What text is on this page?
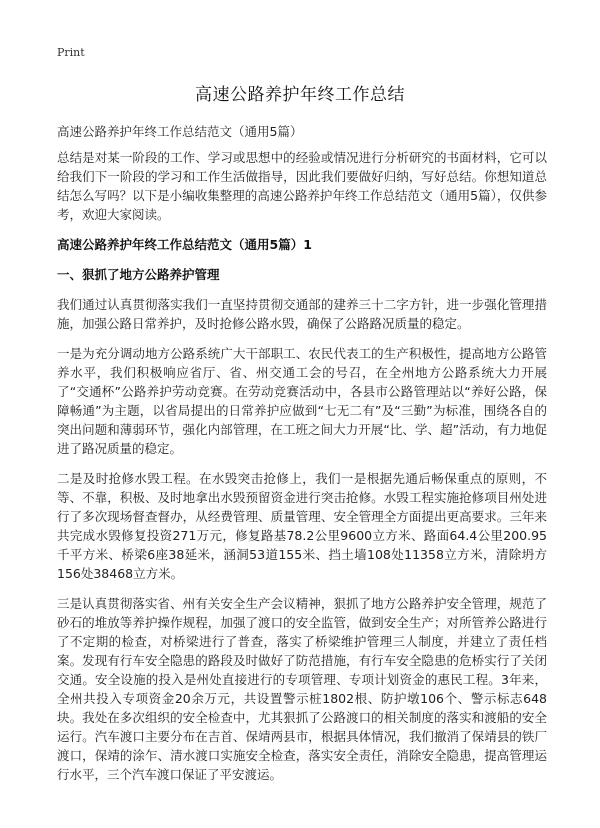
Print
高速公路养护年终工作总结
高速公路养护年终工作总结范文（通用5篇）

总结是对某一阶段的工作、学习或思想中的经验或情况进行分析研究的书面材料，它可以给我们下一阶段的学习和工作生活做指导，因此我们要做好归纳，写好总结。你想知道总结怎么写吗？以下是小编收集整理的高速公路养护年终工作总结范文（通用5篇），仅供参考，欢迎大家阅读。

高速公路养护年终工作总结范文（通用5篇）1
一、狠抓了地方公路养护管理

我们通过认真贯彻落实我们一直坚持贯彻交通部的建养三十二字方针，进一步强化管理措施，加强公路日常养护，及时抢修公路水毁，确保了公路路况质量的稳定。

一是为充分调动地方公路系统广大干部职工、农民代表工的生产积极性，提高地方公路管养水平，我们积极响应省厅、省、州交通工会的号召，在全州地方公路系统大力开展了“交通杯”公路养护劳动竞赛。在劳动竞赛活动中，各县市公路管理站以“养好公路，保障畅通”为主题，以省局提出的日常养护应做到“七无二有”及“三勤”为标准，围绕各自的突出问题和薄弱环节，强化内部管理，在工班之间大力开展“比、学、超”活动，有力地促进了路况质量的稳定。

二是及时抢修水毁工程。在水毁突击抢修上，我们一是根据先通后畅保重点的原则，不等、不靠，积极、及时地拿出水毁预留资金进行突击抢修。水毁工程实施抢修项目州处进行了多次现场督查督办，从经费管理、质量管理、安全管理全方面提出更高要求。三年来共完成水毁修复投资271万元，修复路基78.2公里9600立方米、路面64.4公里200.95千平方米、桥梁6座38延米，涵洞53道155米、挡土墙108处11358立方米，清除坍方156处38468立方米。

三是认真贯彻落实省、州有关安全生产会议精神，狠抓了地方公路养护安全管理，规范了砂石的堆放等养护操作规程，加强了渡口的安全监管，做到安全生产；对所管养公路进行了不定期的检查，对桥梁进行了普查，落实了桥梁维护管理三人制度，并建立了责任档案。发现有行车安全隐患的路段及时做好了防范措施，有行车安全隐患的危桥实行了关闭交通。安全设施的投入是州处直接进行的专项管理、专项计划资金的惠民工程。3年来，全州共投入专项资金20余万元，共设置警示桩1802根、防护墩106个、警示标志648块。我处在多次组织的安全检查中，尤其狠抓了公路渡口的相关制度的落实和渡船的安全运行。汽车渡口主要分布在吉首、保靖两县市，根据具体情况，我们撤消了保靖县的铁厂渡口，保靖的涂乍、清水渡口实施安全检查，落实安全责任，消除安全隐患，提高管理运行水平，三个汽车渡口保证了平安渡运。
